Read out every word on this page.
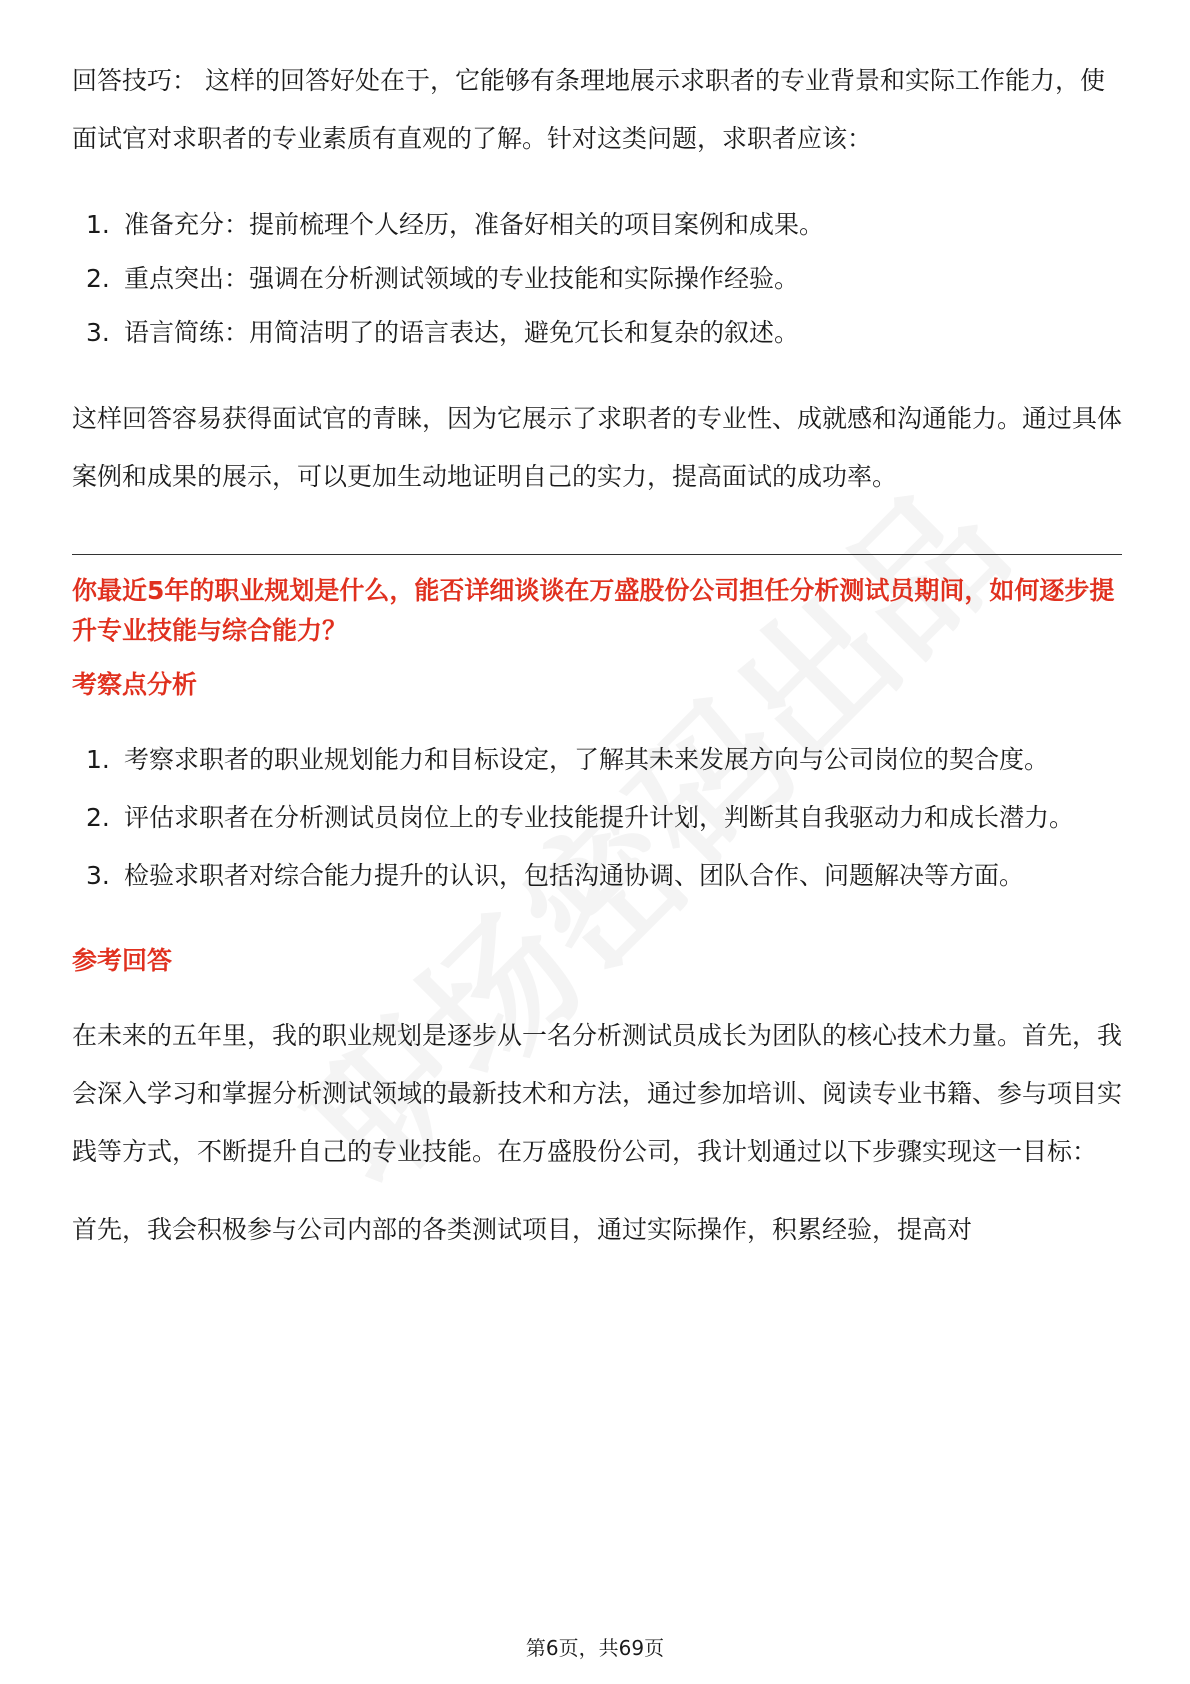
回答技巧： 这样的回答好处在于，它能够有条理地展示求职者的专业背景和实际工作能力，使面试官对求职者的专业素质有直观的了解。针对这类问题，求职者应该：

1. 准备充分：提前梳理个人经历，准备好相关的项目案例和成果。
2. 重点突出：强调在分析测试领域的专业技能和实际操作经验。
3. 语言简练：用简洁明了的语言表达，避免冗长和复杂的叙述。

这样回答容易获得面试官的青睐，因为它展示了求职者的专业性、成就感和沟通能力。通过具体案例和成果的展示，可以更加生动地证明自己的实力，提高面试的成功率。

你最近5年的职业规划是什么，能否详细谈谈在万盛股份公司担任分析测试员期间，如何逐步提升专业技能与综合能力？

考察点分析

1. 考察求职者的职业规划能力和目标设定，了解其未来发展方向与公司岗位的契合度。
2. 评估求职者在分析测试员岗位上的专业技能提升计划，判断其自我驱动力和成长潜力。
3. 检验求职者对综合能力提升的认识，包括沟通协调、团队合作、问题解决等方面。

参考回答

在未来的五年里，我的职业规划是逐步从一名分析测试员成长为团队的核心技术力量。首先，我会深入学习和掌握分析测试领域的最新技术和方法，通过参加培训、阅读专业书籍、参与项目实践等方式，不断提升自己的专业技能。在万盛股份公司，我计划通过以下步骤实现这一目标：

首先，我会积极参与公司内部的各类测试项目，通过实际操作，积累经验，提高对

第6页，共69页
